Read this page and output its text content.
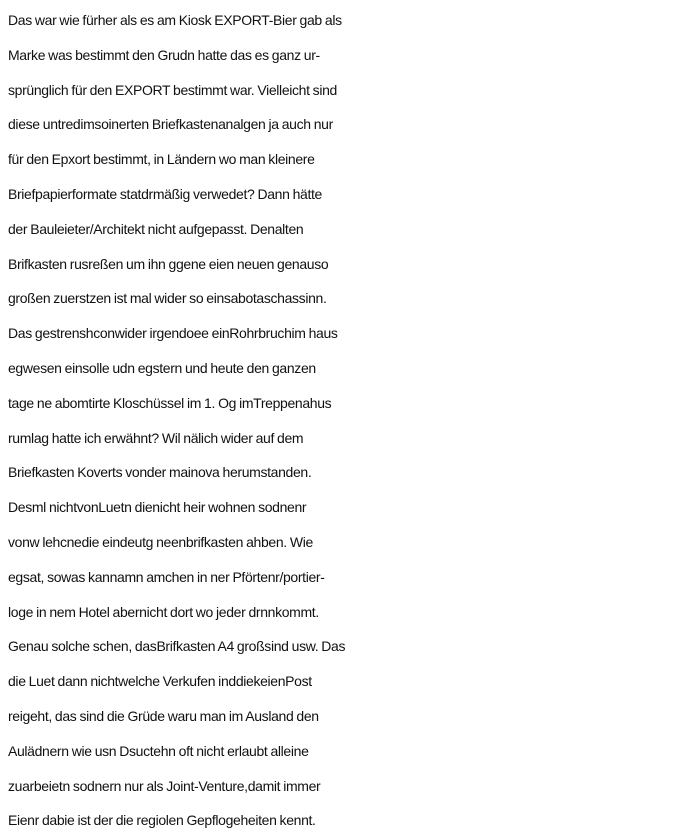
Das war wie fürher als es am Kiosk EXPORT-Bier gab als
Marke was bestimmt den Grudn hatte das es ganz ur-
sprünglich für den EXPORT bestimmt war. Vielleicht sind
diese untredimsoinerten Briefkastenanalgen ja auch nur
für den Epxort bestimmt, in Ländern wo man kleinere
Briefpapierformate statdrmäßig verwedet? Dann hätte
der Bauleieter/Architekt nicht aufgepasst. Denalten
Brifkasten rusreßen um ihn ggene eien neuen genauso
großen zuerstzen ist mal wider so einsabotaschassinn.
Das gestrenshconwider irgendoee einRohrbruchim haus
egwesen einsolle udn egstern und heute den ganzen
tage ne abomtirte Kloschüssel im 1. Og imTreppenahus
rumlag hatte ich erwähnt? Wil nälich wider auf dem
Briefkasten Koverts vonder mainova herumstanden.
Desml nichtvonLuetn dienicht heir wohnen sodnenr
vonw lehcnedie eindeutg neenbrifkasten ahben. Wie
egsat, sowas kannamn amchen in ner Pförtenr/portier-
loge in nem Hotel abernicht dort wo jeder drnnkommt.
Genau solche schen, dasBrifkasten A4 großsind usw. Das
die Luet dann nichtwelche Verkufen inddiekeienPost
reigeht, das sind die Grüde waru man im Ausland den
Aulädnern wie usn Dsuctehn oft nicht erlaubt alleine
zuarbeietn sodnern nur als Joint-Venture,damit immer
Eienr dabie ist der die regiolen Gepflogeheiten kennt.
